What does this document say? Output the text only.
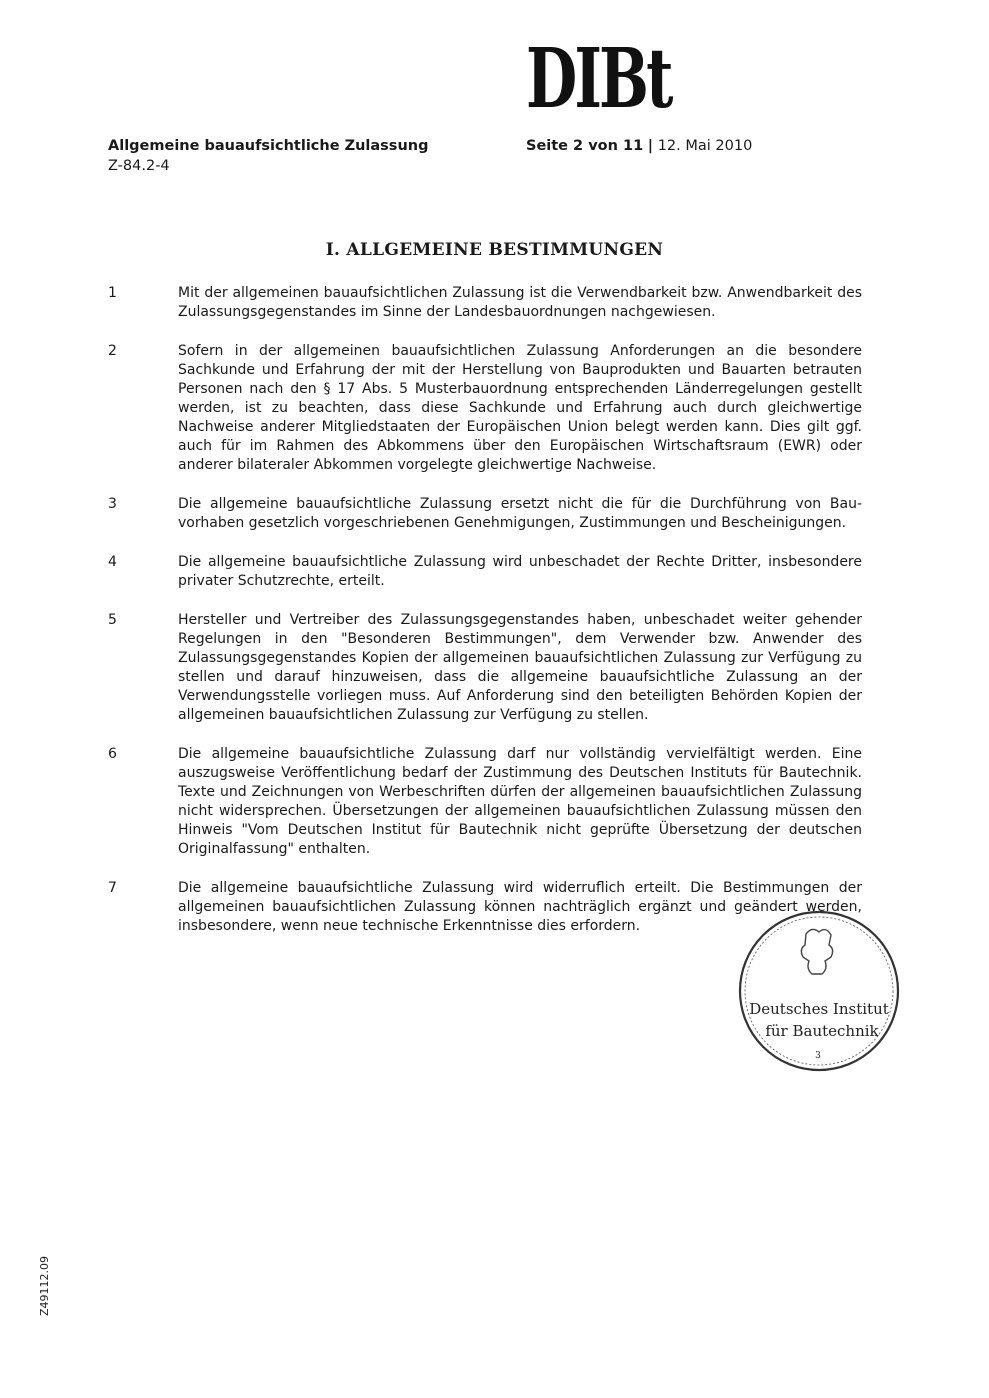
DIBt
Allgemeine bauaufsichtliche Zulassung
Z-84.2-4
Seite 2 von 11 | 12. Mai 2010
I. ALLGEMEINE BESTIMMUNGEN
1	Mit der allgemeinen bauaufsichtlichen Zulassung ist die Verwendbarkeit bzw. Anwendbarkeit des Zulassungsgegenstandes im Sinne der Landesbauordnungen nachgewiesen.
2	Sofern in der allgemeinen bauaufsichtlichen Zulassung Anforderungen an die besondere Sachkunde und Erfahrung der mit der Herstellung von Bauprodukten und Bauarten betrauten Personen nach den § 17 Abs. 5 Musterbauordnung entsprechenden Länderregelungen gestellt werden, ist zu beachten, dass diese Sachkunde und Erfahrung auch durch gleichwertige Nachweise anderer Mitgliedstaaten der Europäischen Union belegt werden kann. Dies gilt ggf. auch für im Rahmen des Abkommens über den Europäischen Wirtschaftsraum (EWR) oder anderer bilateraler Abkommen vorgelegte gleichwertige Nachweise.
3	Die allgemeine bauaufsichtliche Zulassung ersetzt nicht die für die Durchführung von Bauvorhaben gesetzlich vorgeschriebenen Genehmigungen, Zustimmungen und Bescheinigungen.
4	Die allgemeine bauaufsichtliche Zulassung wird unbeschadet der Rechte Dritter, insbesondere privater Schutzrechte, erteilt.
5	Hersteller und Vertreiber des Zulassungsgegenstandes haben, unbeschadet weiter gehender Regelungen in den "Besonderen Bestimmungen", dem Verwender bzw. Anwender des Zulassungsgegenstandes Kopien der allgemeinen bauaufsichtlichen Zulassung zur Verfügung zu stellen und darauf hinzuweisen, dass die allgemeine bauaufsichtliche Zulassung an der Verwendungsstelle vorliegen muss. Auf Anforderung sind den beteiligten Behörden Kopien der allgemeinen bauaufsichtlichen Zulassung zur Verfügung zu stellen.
6	Die allgemeine bauaufsichtliche Zulassung darf nur vollständig vervielfältigt werden. Eine auszugsweise Veröffentlichung bedarf der Zustimmung des Deutschen Instituts für Bautechnik. Texte und Zeichnungen von Werbeschriften dürfen der allgemeinen bauaufsichtlichen Zulassung nicht widersprechen. Übersetzungen der allgemeinen bauaufsichtlichen Zulassung müssen den Hinweis "Vom Deutschen Institut für Bautechnik nicht geprüfte Übersetzung der deutschen Originalfassung" enthalten.
7	Die allgemeine bauaufsichtliche Zulassung wird widerruflich erteilt. Die Bestimmungen der allgemeinen bauaufsichtlichen Zulassung können nachträglich ergänzt und geändert werden, insbesondere, wenn neue technische Erkenntnisse dies erfordern.
Deutsches Institut
für Bautechnik
3
Z49112.09
